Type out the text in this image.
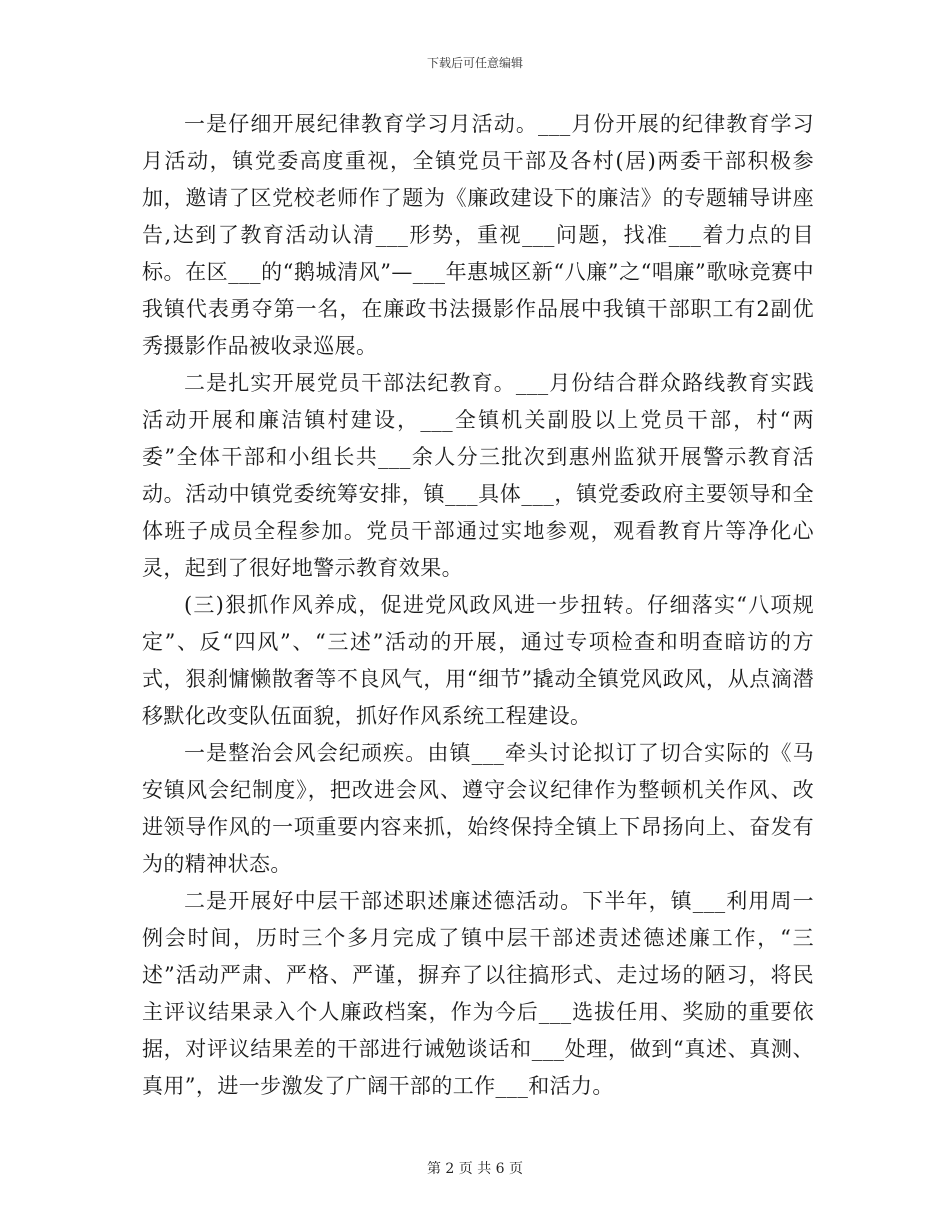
下载后可任意编辑

一是仔细开展纪律教育学习月活动。___月份开展的纪律教育学习月活动，镇党委高度重视，全镇党员干部及各村(居)两委干部积极参加，邀请了区党校老师作了题为《廉政建设下的廉洁》的专题辅导讲座告,达到了教育活动认清___形势，重视___问题，找准___着力点的目标。在区___的“鹅城清风”—___年惠城区新“八廉”之“唱廉”歌咏竞赛中我镇代表勇夺第一名，在廉政书法摄影作品展中我镇干部职工有2副优秀摄影作品被收录巡展。

二是扎实开展党员干部法纪教育。___月份结合群众路线教育实践活动开展和廉洁镇村建设，___全镇机关副股以上党员干部，村“两委”全体干部和小组长共___余人分三批次到惠州监狱开展警示教育活动。活动中镇党委统筹安排，镇___具体___，镇党委政府主要领导和全体班子成员全程参加。党员干部通过实地参观，观看教育片等净化心灵，起到了很好地警示教育效果。

(三)狠抓作风养成，促进党风政风进一步扭转。仔细落实“八项规定”、反“四风”、“三述”活动的开展，通过专项检查和明查暗访的方式，狠刹慵懒散奢等不良风气，用“细节”撬动全镇党风政风，从点滴潜移默化改变队伍面貌，抓好作风系统工程建设。

一是整治会风会纪顽疾。由镇___牵头讨论拟订了切合实际的《马安镇风会纪制度》，把改进会风、遵守会议纪律作为整顿机关作风、改进领导作风的一项重要内容来抓，始终保持全镇上下昂扬向上、奋发有为的精神状态。

二是开展好中层干部述职述廉述德活动。下半年，镇___利用周一例会时间，历时三个多月完成了镇中层干部述责述德述廉工作，“三述”活动严肃、严格、严谨，摒弃了以往搞形式、走过场的陋习，将民主评议结果录入个人廉政档案，作为今后___选拔任用、奖励的重要依据，对评议结果差的干部进行诫勉谈话和___处理，做到“真述、真测、真用”，进一步激发了广阔干部的工作___和活力。

第 2 页 共 6 页
